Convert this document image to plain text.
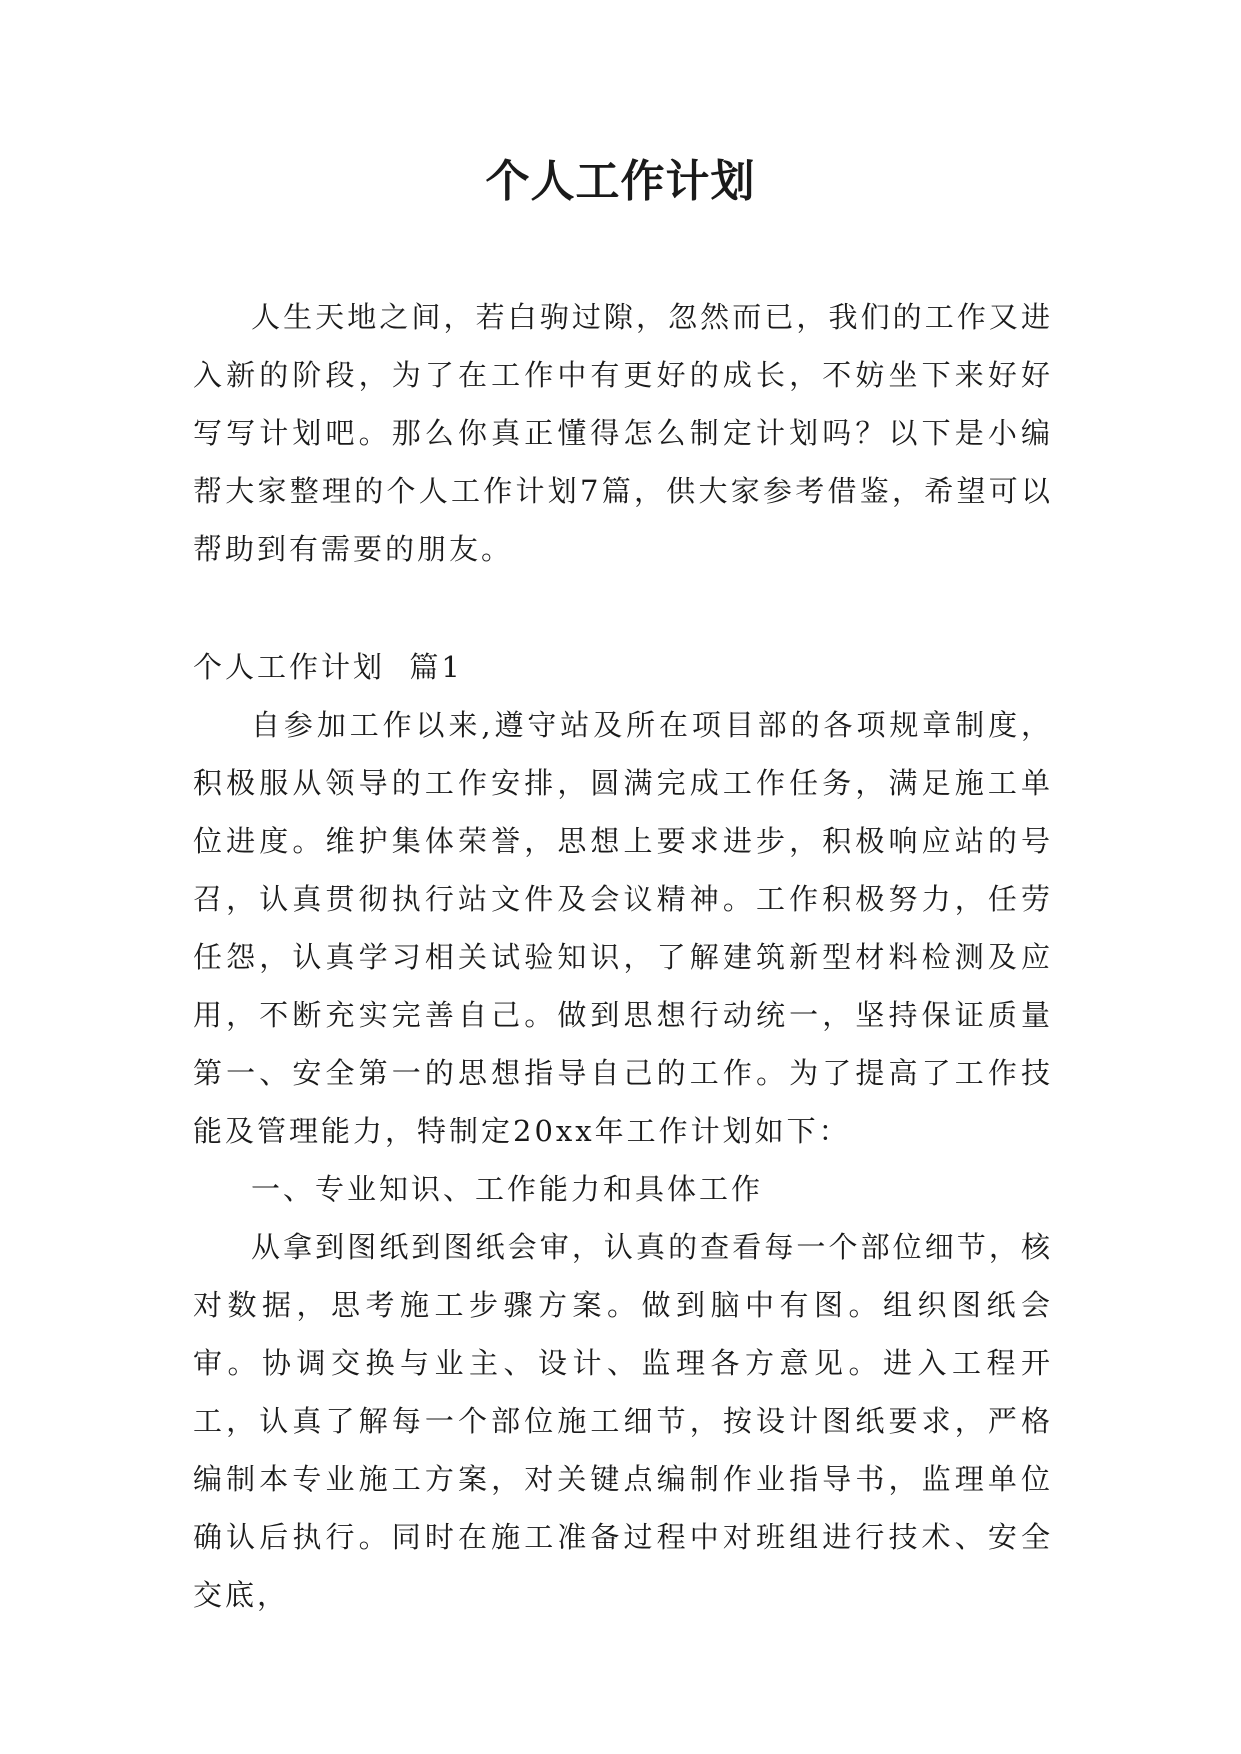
个人工作计划

人生天地之间，若白驹过隙，忽然而已，我们的工作又进入新的阶段，为了在工作中有更好的成长，不妨坐下来好好写写计划吧。那么你真正懂得怎么制定计划吗？以下是小编帮大家整理的个人工作计划7篇，供大家参考借鉴，希望可以帮助到有需要的朋友。

个人工作计划  篇1

自参加工作以来,遵守站及所在项目部的各项规章制度，积极服从领导的工作安排，圆满完成工作任务，满足施工单位进度。维护集体荣誉，思想上要求进步，积极响应站的号召，认真贯彻执行站文件及会议精神。工作积极努力，任劳任怨，认真学习相关试验知识，了解建筑新型材料检测及应用，不断充实完善自己。做到思想行动统一，坚持保证质量第一、安全第一的思想指导自己的工作。为了提高了工作技能及管理能力，特制定20xx年工作计划如下：

一、专业知识、工作能力和具体工作

从拿到图纸到图纸会审，认真的查看每一个部位细节，核对数据，思考施工步骤方案。做到脑中有图。组织图纸会审。协调交换与业主、设计、监理各方意见。进入工程开工，认真了解每一个部位施工细节，按设计图纸要求，严格编制本专业施工方案，对关键点编制作业指导书，监理单位确认后执行。同时在施工准备过程中对班组进行技术、安全交底，
